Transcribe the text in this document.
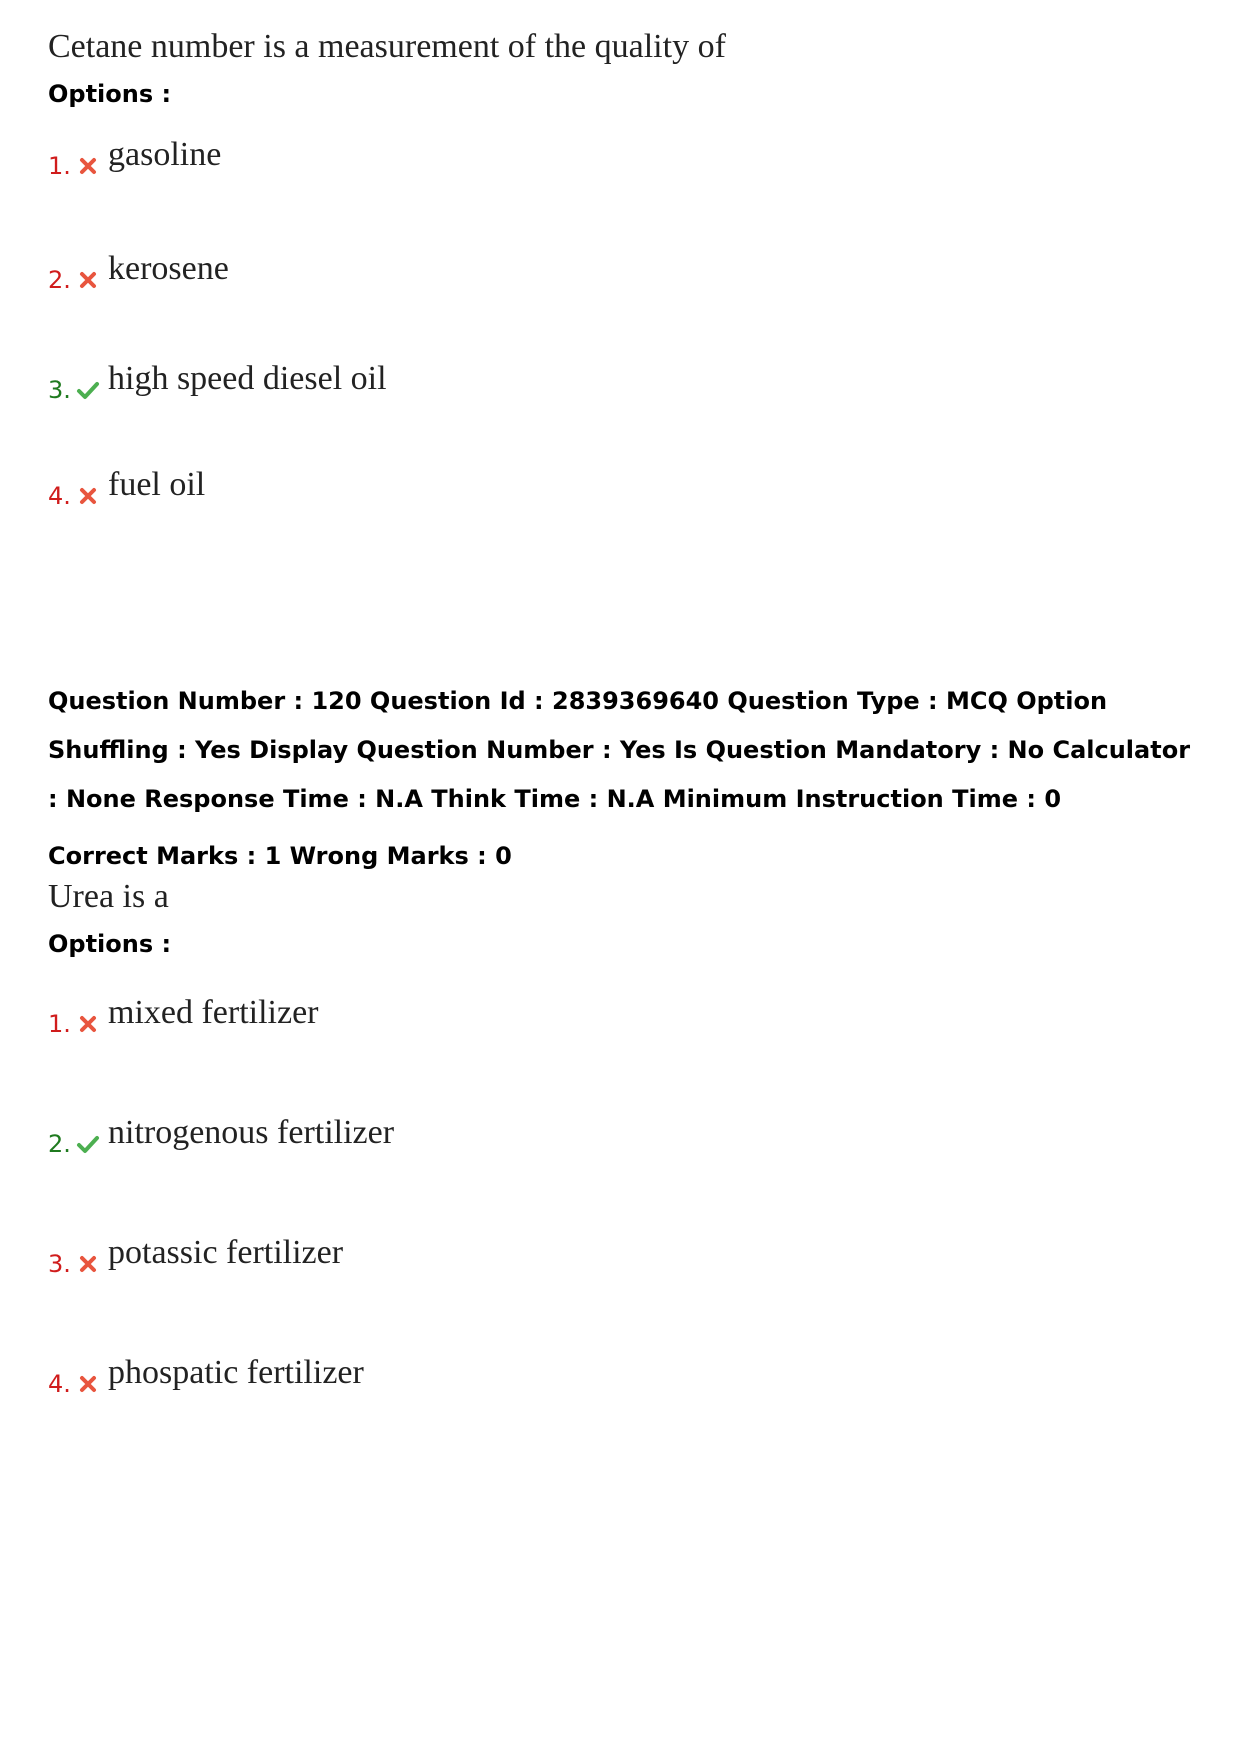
Cetane number is a measurement of the quality of
Options :
1. gasoline
2. kerosene
3. high speed diesel oil
4. fuel oil
Question Number : 120 Question Id : 2839369640 Question Type : MCQ Option Shuffling : Yes Display Question Number : Yes Is Question Mandatory : No Calculator : None Response Time : N.A Think Time : N.A Minimum Instruction Time : 0
Correct Marks : 1 Wrong Marks : 0
Urea is a
Options :
1. mixed fertilizer
2. nitrogenous fertilizer
3. potassic fertilizer
4. phospatic fertilizer
